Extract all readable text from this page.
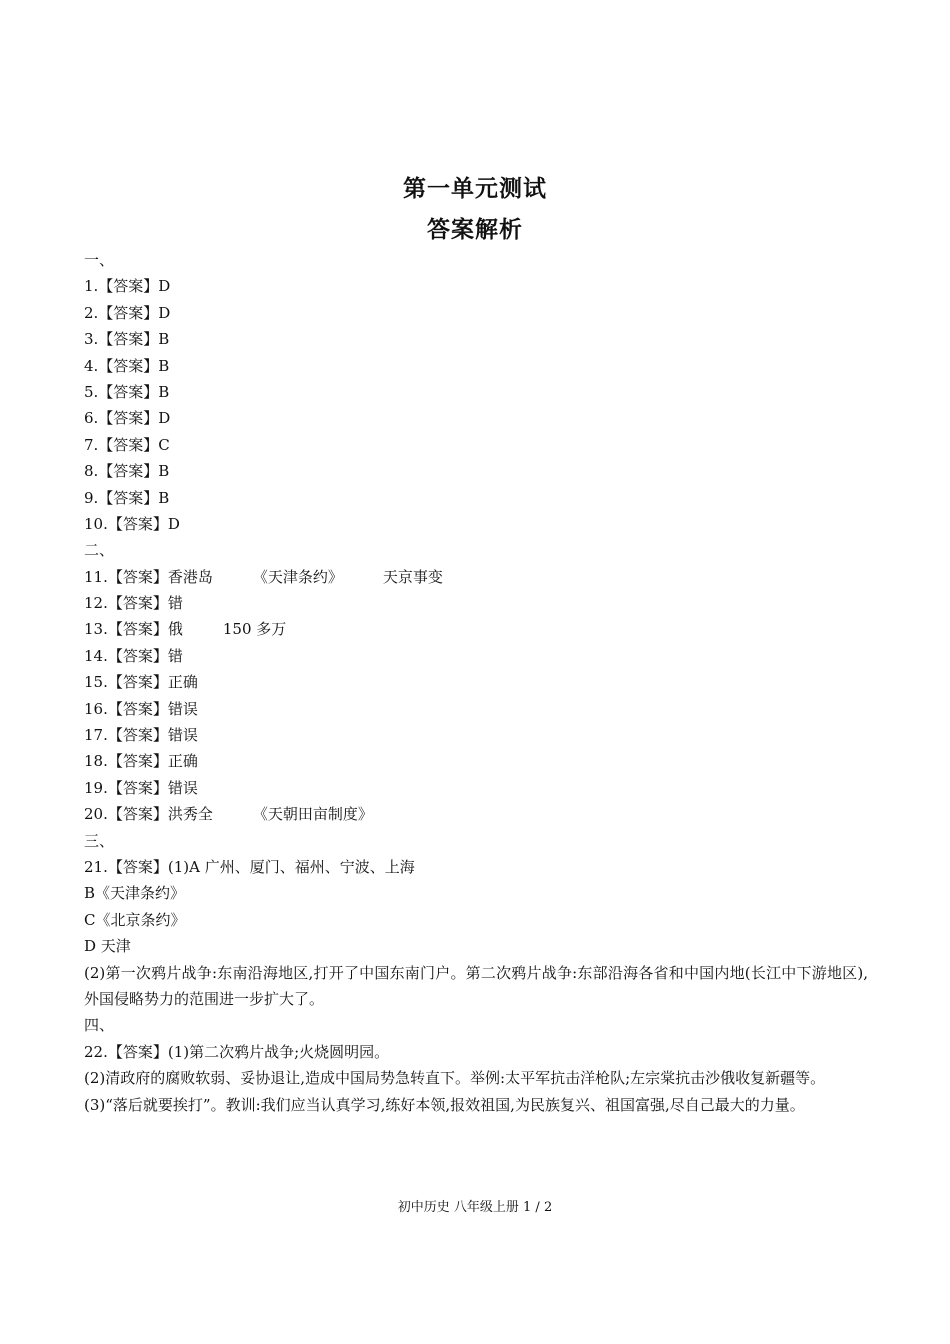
第一单元测试
答案解析
一、
1.【答案】D
2.【答案】D
3.【答案】B
4.【答案】B
5.【答案】B
6.【答案】D
7.【答案】C
8.【答案】B
9.【答案】B
10.【答案】D
二、
11.【答案】香港岛	《天津条约》	天京事变
12.【答案】错
13.【答案】俄	150 多万
14.【答案】错
15.【答案】正确
16.【答案】错误
17.【答案】错误
18.【答案】正确
19.【答案】错误
20.【答案】洪秀全	《天朝田亩制度》
三、
21.【答案】(1)A 广州、厦门、福州、宁波、上海
B《天津条约》
C《北京条约》
D 天津
(2)第一次鸦片战争:东南沿海地区,打开了中国东南门户。第二次鸦片战争:东部沿海各省和中国内地(长江中下游地区),外国侵略势力的范围进一步扩大了。
四、
22.【答案】(1)第二次鸦片战争;火烧圆明园。
(2)清政府的腐败软弱、妥协退让,造成中国局势急转直下。举例:太平军抗击洋枪队;左宗棠抗击沙俄收复新疆等。
(3)“落后就要挨打”。教训:我们应当认真学习,练好本领,报效祖国,为民族复兴、祖国富强,尽自己最大的力量。
初中历史 八年级上册 1 / 2
